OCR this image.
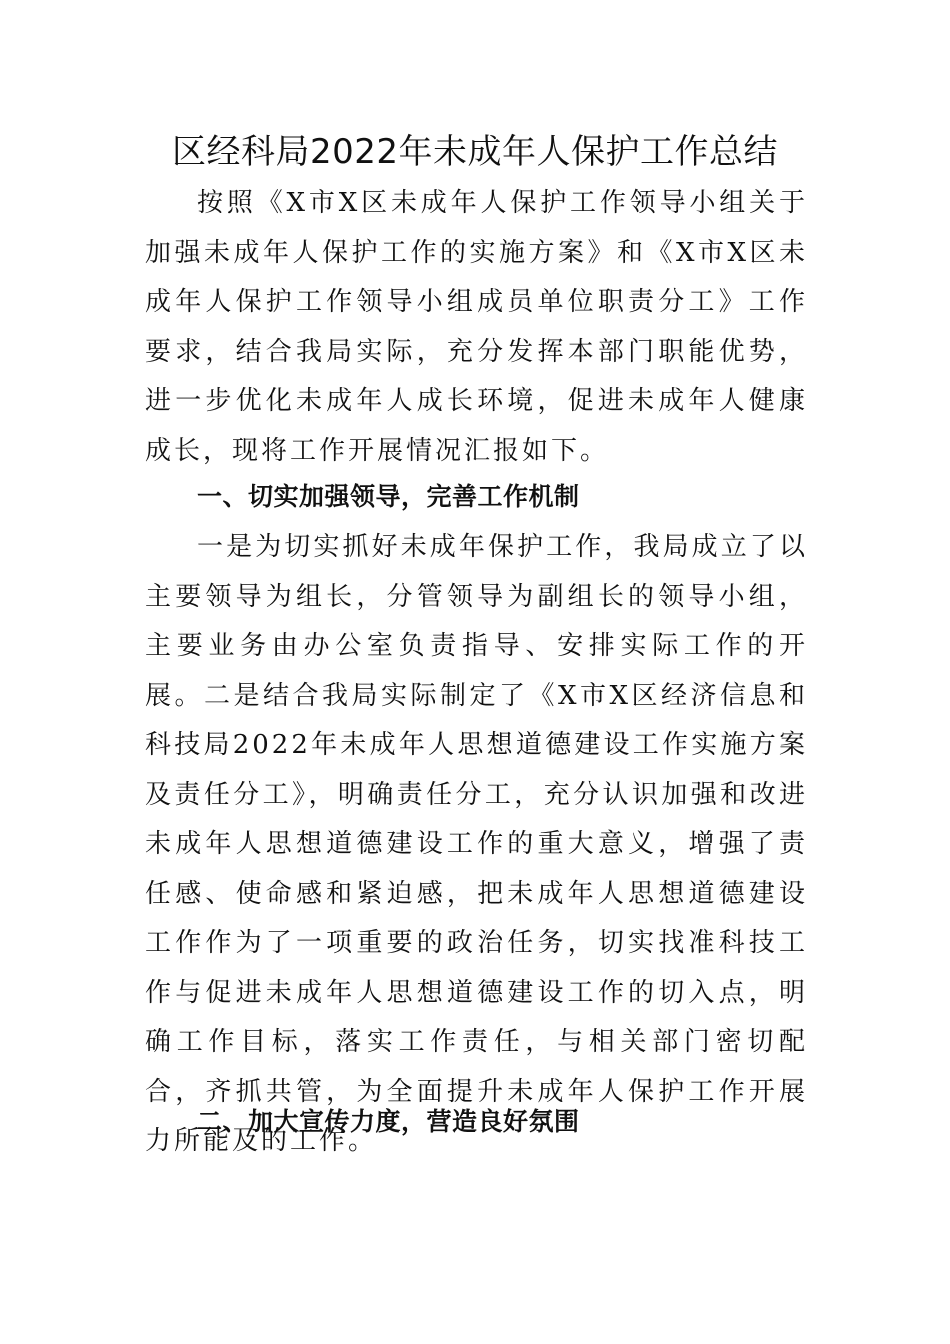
区经科局2022年未成年人保护工作总结

按照《X市X区未成年人保护工作领导小组关于加强未成年人保护工作的实施方案》和《X市X区未成年人保护工作领导小组成员单位职责分工》工作要求，结合我局实际，充分发挥本部门职能优势，进一步优化未成年人成长环境，促进未成年人健康成长，现将工作开展情况汇报如下。

一、切实加强领导，完善工作机制

一是为切实抓好未成年保护工作，我局成立了以主要领导为组长，分管领导为副组长的领导小组，主要业务由办公室负责指导、安排实际工作的开展。二是结合我局实际制定了《X市X区经济信息和科技局2022年未成年人思想道德建设工作实施方案及责任分工》，明确责任分工，充分认识加强和改进未成年人思想道德建设工作的重大意义，增强了责任感、使命感和紧迫感，把未成年人思想道德建设工作作为了一项重要的政治任务，切实找准科技工作与促进未成年人思想道德建设工作的切入点，明确工作目标，落实工作责任，与相关部门密切配合，齐抓共管，为全面提升未成年人保护工作开展力所能及的工作。

二、加大宣传力度，营造良好氛围
